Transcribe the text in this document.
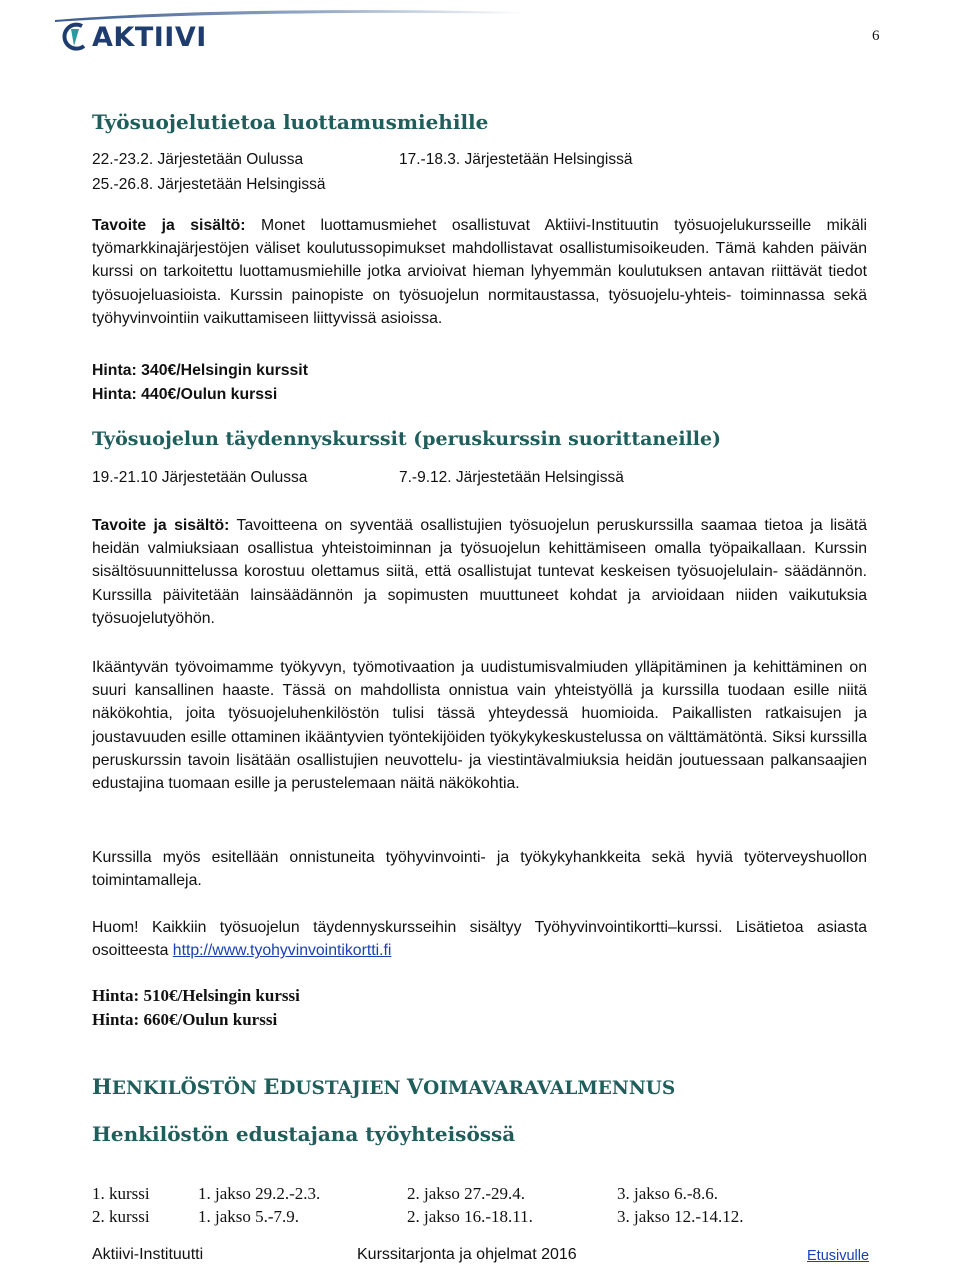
AKTIIVI	6
Työsuojelutietoa luottamusmiehille
22.-23.2. Järjestetään Oulussa	17.-18.3. Järjestetään Helsingissä
25.-26.8. Järjestetään Helsingissä

Tavoite ja sisältö: Monet luottamusmiehet osallistuvat Aktiivi-Instituutin työsuojelukursseille mikäli työmarkkinajärjestöjen väliset koulutussopimukset mahdollistavat osallistumisoikeuden. Tämä kahden päivän kurssi on tarkoitettu luottamusmiehille jotka arvioivat hieman lyhyemmän koulutuksen antavan riittävät tiedot työsuojeluasioista. Kurssin painopiste on työsuojelun normitaustassa, työsuojelu-yhteis- toiminnassa sekä työhyvinvointiin vaikuttamiseen liittyvissä asioissa.

Hinta: 340€/Helsingin kurssit
Hinta: 440€/Oulun kurssi
Työsuojelun täydennyskurssit (peruskurssin suorittaneille)
19.-21.10 Järjestetään Oulussa	7.-9.12. Järjestetään Helsingissä

Tavoite ja sisältö: Tavoitteena on syventää osallistujien työsuojelun peruskurssilla saamaa tietoa ja lisätä heidän valmiuksiaan osallistua yhteistoiminnan ja työsuojelun kehittämiseen omalla työpaikallaan. Kurssin sisältösuunnittelussa korostuu olettamus siitä, että osallistujat tuntevat keskeisen työsuojelulain- säädännön. Kurssilla päivitetään lainsäädännön ja sopimusten muuttuneet kohdat ja arvioidaan niiden vaikutuksia työsuojelutyöhön.

Ikääntyvän työvoimamme työkyvyn, työmotivaation ja uudistumisvalmiuden ylläpitäminen ja kehittäminen on suuri kansallinen haaste. Tässä on mahdollista onnistua vain yhteistyöllä ja kurssilla tuodaan esille niitä näkökohtia, joita työsuojeluhenkilöstön tulisi tässä yhteydessä huomioida. Paikallisten ratkaisujen ja joustavuuden esille ottaminen ikääntyvien työntekijöiden työkykykeskustelussa on välttämätöntä. Siksi kurssilla peruskurssin tavoin lisätään osallistujien neuvottelu- ja viestintävalmiuksia heidän joutuessaan palkansaajien edustajina tuomaan esille ja perustelemaan näitä näkökohtia.

Kurssilla myös esitellään onnistuneita työhyvinvointi- ja työkykyhankkeita sekä hyviä työterveyshuollon toimintamalleja.

Huom! Kaikkiin työsuojelun täydennyskursseihin sisältyy Työhyvinvointikortti–kurssi. Lisätietoa asiasta osoitteesta http://www.tyohyvinvointikortti.fi

Hinta: 510€/Helsingin kurssi
Hinta: 660€/Oulun kurssi
HENKILÖSTÖN EDUSTAJIEN VOIMAVARAVALMENNUS
Henkilöstön edustajana työyhteisössä
1. kurssi	1. jakso 29.2.-2.3.	2. jakso 27.-29.4.	3. jakso 6.-8.6.
2. kurssi	1. jakso 5.-7.9.	2. jakso 16.-18.11.	3. jakso 12.-14.12.
Aktiivi-Instituutti	Kurssitarjonta ja ohjelmat 2016	Etusivulle
